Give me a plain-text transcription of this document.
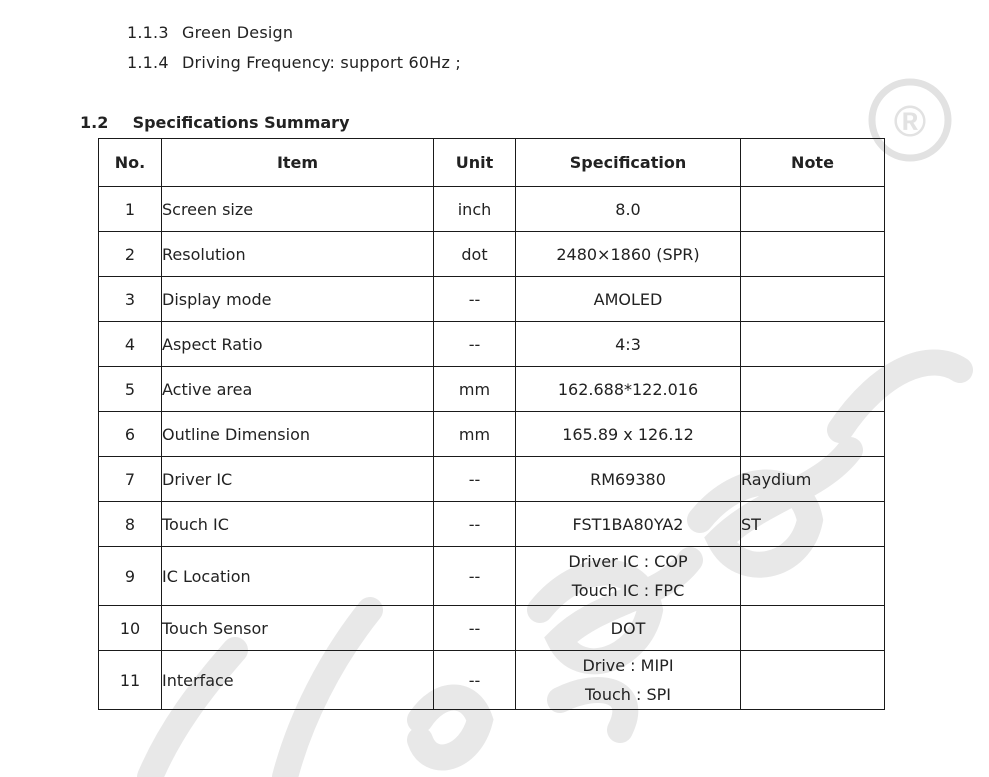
®
1.1.3 Green Design
1.1.4 Driving Frequency: support 60Hz ;
1.2 Specifications Summary
No.	Item	Unit	Specification	Note
1	Screen size	inch	8.0	

2	Resolution	dot	2480×1860 (SPR)	

3	Display mode	--	AMOLED	

4	Aspect Ratio	--	4:3	

5	Active area	mm	162.688*122.016	

6	Outline Dimension	mm	165.89 x 126.12	

7	Driver IC	--	RM69380	Raydium
8	Touch IC	--	FST1BA80YA2	ST
9	IC Location	--	Driver IC : COP
Touch IC : FPC	

10	Touch Sensor	--	DOT	

11	Interface	--	Drive : MIPI
Touch : SPI	
